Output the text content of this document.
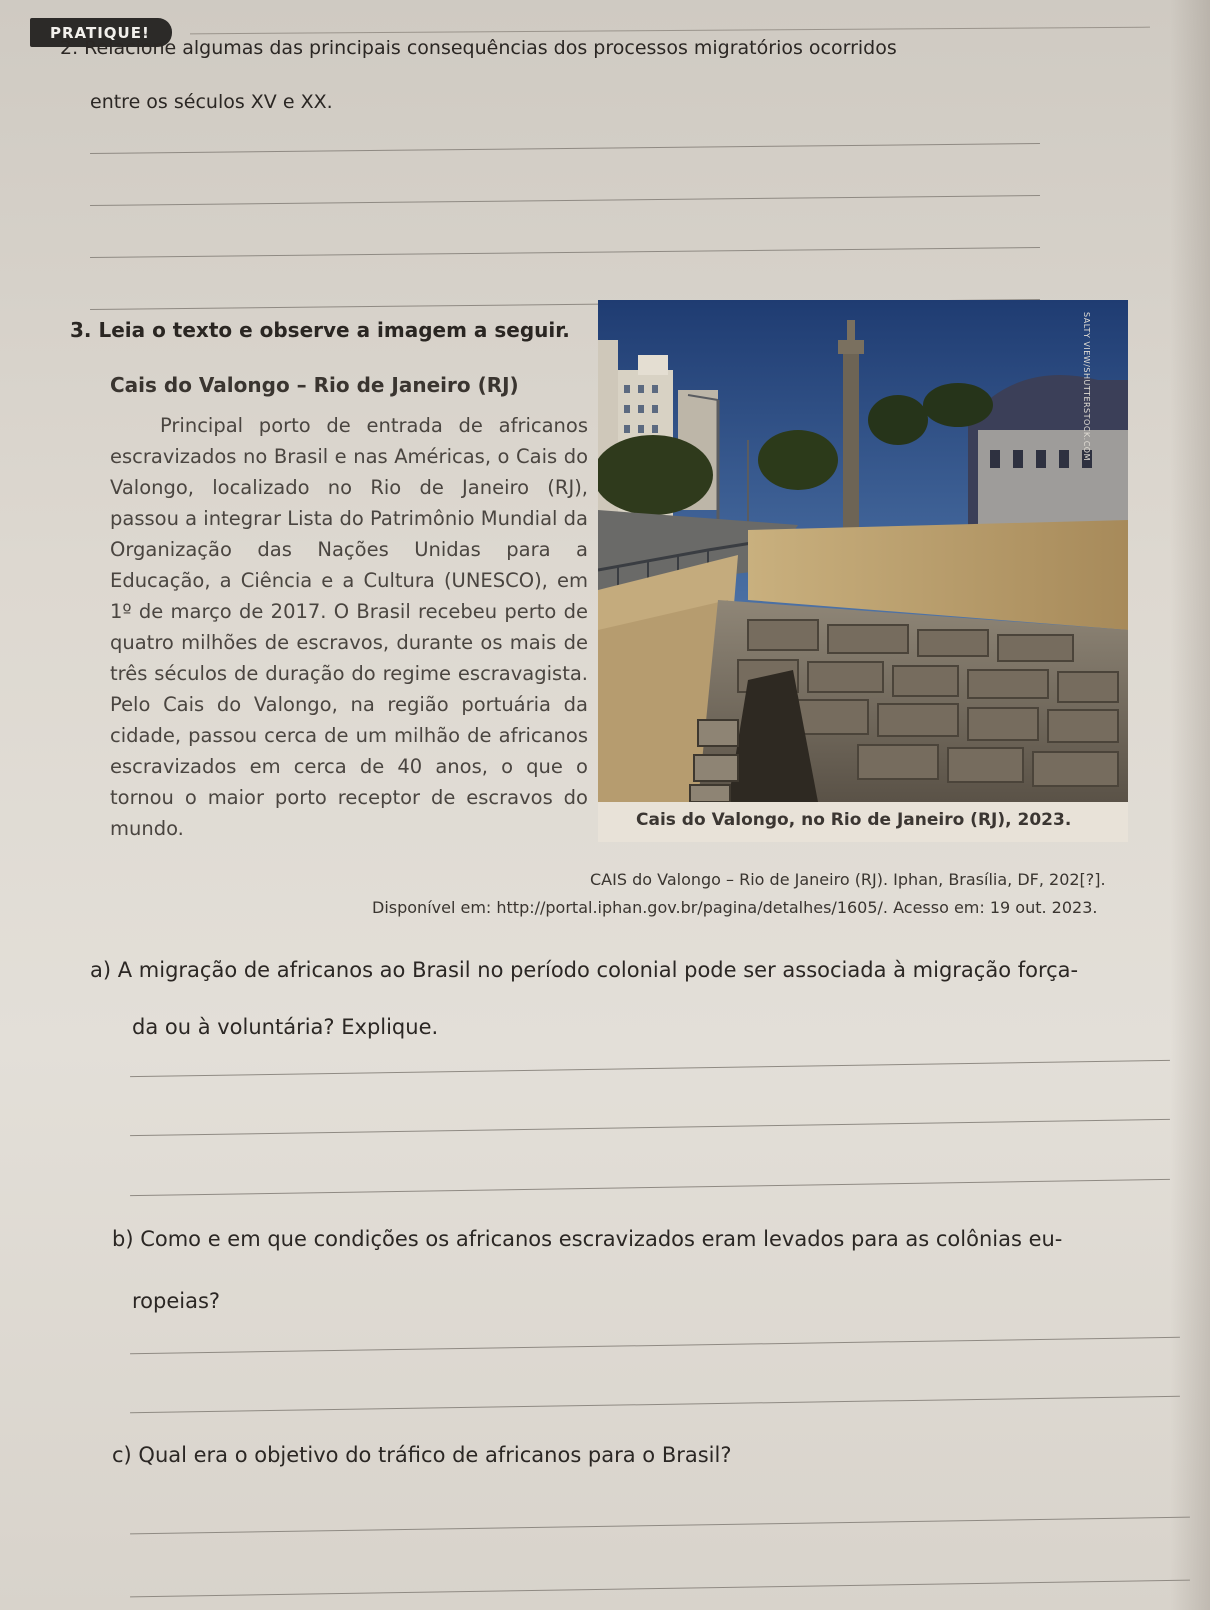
PRATIQUE!
2. Relacione algumas das principais consequências dos processos migratórios ocorridos
entre os séculos XV e XX.
3. Leia o texto e observe a imagem a seguir.
Cais do Valongo – Rio de Janeiro (RJ)
Principal porto de entrada de africanos escravizados no Brasil e nas Américas, o Cais do Valongo, localizado no Rio de Janeiro (RJ), passou a integrar Lista do Patrimônio Mundial da Organização das Nações Unidas para a Educação, a Ciência e a Cultura (UNESCO), em 1º de março de 2017. O Brasil recebeu perto de quatro milhões de escravos, durante os mais de três séculos de duração do regime escravagista. Pelo Cais do Valongo, na região portuária da cidade, passou cerca de um milhão de africanos escravizados em cerca de 40 anos, o que o tornou o maior porto receptor de escravos do mundo.
SALTY VIEW/SHUTTERSTOCK.COM
Cais do Valongo, no Rio de Janeiro (RJ), 2023.
CAIS do Valongo – Rio de Janeiro (RJ). Iphan, Brasília, DF, 202[?].
Disponível em: http://portal.iphan.gov.br/pagina/detalhes/1605/. Acesso em: 19 out. 2023.
a) A migração de africanos ao Brasil no período colonial pode ser associada à migração força-
da ou à voluntária? Explique.
b) Como e em que condições os africanos escravizados eram levados para as colônias eu-
ropeias?
c) Qual era o objetivo do tráfico de africanos para o Brasil?
